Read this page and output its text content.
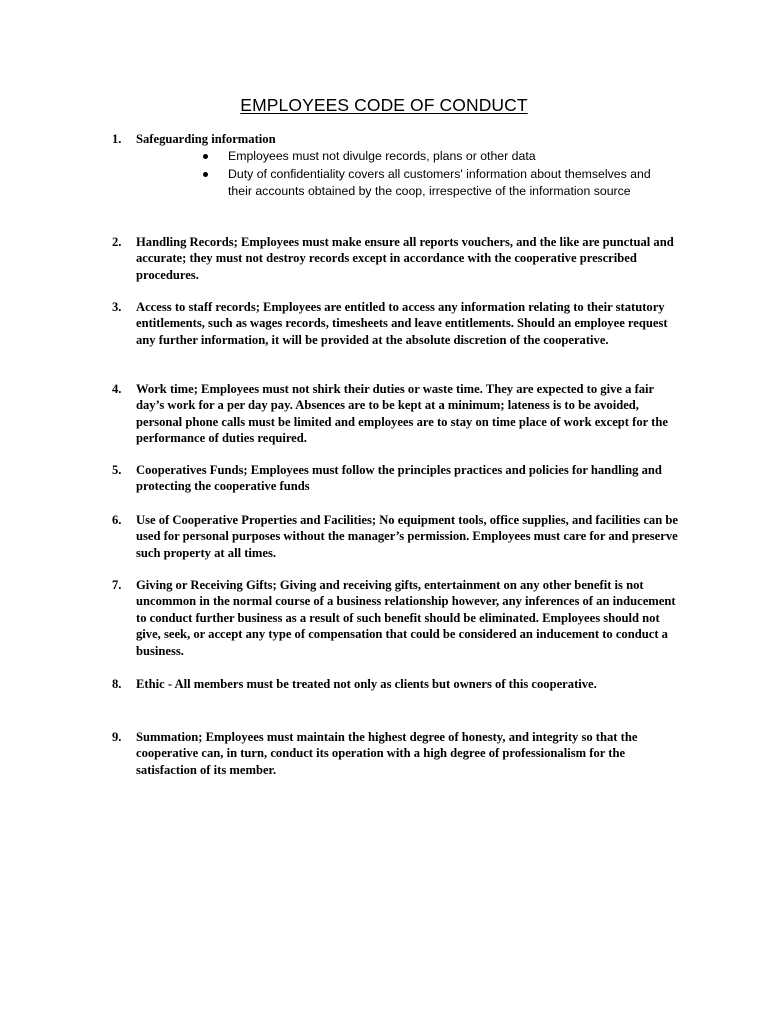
EMPLOYEES CODE OF CONDUCT
1. Safeguarding information
Employees must not divulge records, plans or other data
Duty of confidentiality covers all customers' information about themselves and their accounts obtained by the coop, irrespective of the information source
2. Handling Records; Employees must make ensure all reports vouchers, and the like are punctual and accurate; they must not destroy records except in accordance with the cooperative prescribed procedures.
3. Access to staff records; Employees are entitled to access any information relating to their statutory entitlements, such as wages records, timesheets and leave entitlements. Should an employee request any further information, it will be provided at the absolute discretion of the cooperative.
4. Work time; Employees must not shirk their duties or waste time. They are expected to give a fair day’s work for a per day pay. Absences are to be kept at a minimum; lateness is to be avoided, personal phone calls must be limited and employees are to stay on time place of work except for the performance of duties required.
5. Cooperatives Funds; Employees must follow the principles practices and policies for handling and protecting the cooperative funds
6. Use of Cooperative Properties and Facilities; No equipment tools, office supplies, and facilities can be used for personal purposes without the manager’s permission. Employees must care for and preserve such property at all times.
7. Giving or Receiving Gifts; Giving and receiving gifts, entertainment on any other benefit is not uncommon in the normal course of a business relationship however, any inferences of an inducement to conduct further business as a result of such benefit should be eliminated. Employees should not give, seek, or accept any type of compensation that could be considered an inducement to conduct a business.
8. Ethic - All members must be treated not only as clients but owners of this cooperative.
9. Summation; Employees must maintain the highest degree of honesty, and integrity so that the cooperative can, in turn, conduct its operation with a high degree of professionalism for the satisfaction of its member.
